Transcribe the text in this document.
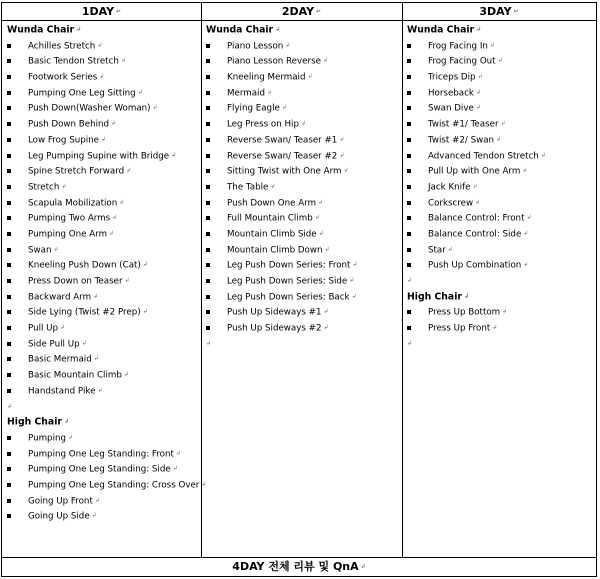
1DAY ↵	2DAY ↵	3DAY ↵
Wunda Chair ↲
Achilles Stretch ↲
Basic Tendon Stretch ↲
Footwork Series ↲
Pumping One Leg Sitting ↲
Push Down(Washer Woman) ↲
Push Down Behind ↲
Low Frog Supine ↲
Leg Pumping Supine with Bridge ↲
Spine Stretch Forward ↲
Stretch ↲
Scapula Mobilization ↲
Pumping Two Arms ↲
Pumping One Arm ↲
Swan ↲
Kneeling Push Down (Cat) ↲
Press Down on Teaser ↲
Backward Arm ↲
Side Lying (Twist #2 Prep) ↲
Pull Up ↲
Side Pull Up ↲
Basic Mermaid ↲
Basic Mountain Climb ↲
Handstand Pike ↲
↲
High Chair ↲
Pumping ↲
Pumping One Leg Standing: Front ↲
Pumping One Leg Standing: Side ↲
Pumping One Leg Standing: Cross Over ↲
Going Up Front ↲
Going Up Side ↲
Wunda Chair ↲
Piano Lesson ↲
Piano Lesson Reverse ↲
Kneeling Mermaid ↲
Mermaid ↲
Flying Eagle ↲
Leg Press on Hip ↲
Reverse Swan/ Teaser #1 ↲
Reverse Swan/ Teaser #2 ↲
Sitting Twist with One Arm ↲
The Table ↲
Push Down One Arm ↲
Full Mountain Climb ↲
Mountain Climb Side ↲
Mountain Climb Down ↲
Leg Push Down Series: Front ↲
Leg Push Down Series: Side ↲
Leg Push Down Series: Back ↲
Push Up Sideways #1 ↲
Push Up Sideways #2 ↲
↲
Wunda Chair ↲
Frog Facing In ↲
Frog Facing Out ↲
Triceps Dip ↲
Horseback ↲
Swan Dive ↲
Twist #1/ Teaser ↲
Twist #2/ Swan ↲
Advanced Tendon Stretch ↲
Pull Up with One Arm ↲
Jack Knife ↲
Corkscrew ↲
Balance Control: Front ↲
Balance Control: Side ↲
Star ↲
Push Up Combination ↲
↲
High Chair ↲
Press Up Bottom ↲
Press Up Front ↲
↲
4DAY 전체 리뷰 및 QnA ↲
